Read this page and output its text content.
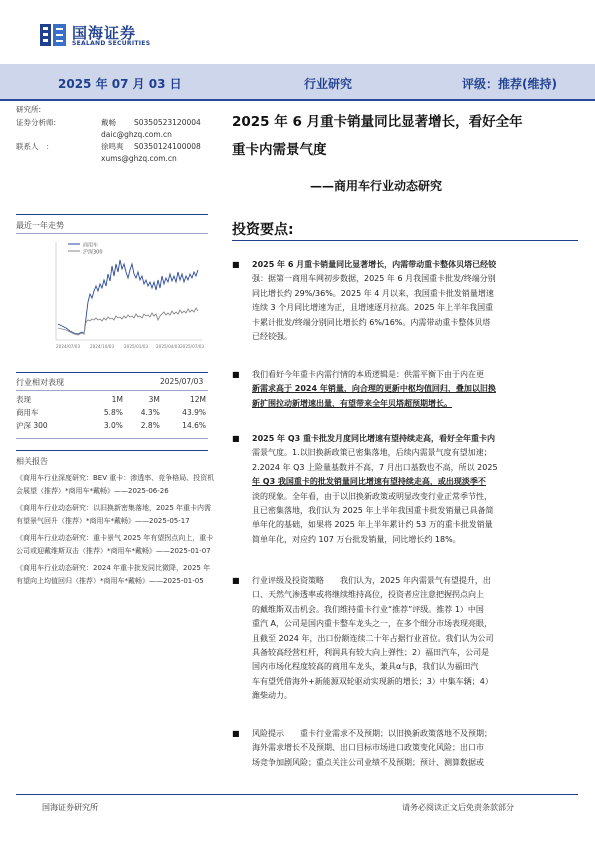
国海证券
SEALAND SECURITIES
2025 年 07 月 03 日	行业研究	评级：推荐(维持)
研究所:
证券分析师:	戴畅 S0350523120004
daic@ghzq.com.cn
联系人　：	徐鸣爽 S0350124100008
xums@ghzq.com.cn
2025 年 6 月重卡销量同比显著增长，看好全年
重卡内需景气度
——商用车行业动态研究
最近一年走势
商用车
沪深300
2024/07/03 2024/10/03 2025/01/03 2025/04/03 2025/07/03
行业相对表现	2025/07/03
表现	1M	3M	12M
商用车	5.8%	4.3%	43.9%
沪深 300	3.0%	2.8%	14.6%
相关报告
《商用车行业深度研究：BEV 重卡：渗透率、竞争格局、投资机会展望（推荐）*商用车*戴畅》——2025-06-26
《商用车行业动态研究：以旧换新密集落地，2025 年重卡内需有望景气回升（推荐）*商用车*戴畅》——2025-05-17
《商用车行业动态研究：重卡景气 2025 年有望拐点向上，重卡公司或迎戴维斯双击（推荐）*商用车*戴畅》——2025-01-07
《商用车行业动态研究：2024 年重卡批发同比微降，2025 年有望向上均值回归（推荐）*商用车*戴畅》——2025-01-05
投资要点:
■ 2025 年 6 月重卡销量同比显著增长，内需带动重卡整体贝塔已经铰
强：据第一商用车网初步数据，2025 年 6 月我国重卡批发/终端分别
同比增长约 29%/36%。2025 年 4 月以来，我国重卡批发销量增速
连续 3 个月同比增速为正，且增速逐月拉高。2025 年上半年我国重
卡累计批发/终端分别同比增长约 6%/16%。内需带动重卡整体贝塔
已经铰强。
■ 我们看好今年重卡内需行情的本质逻辑是：供需平衡下由于内在更
新需求高于 2024 年销量，向合理的更新中枢均值回归，叠加以旧换
新扩围拉动新增速出量，有望带来全年贝塔超预期增长。
■ 2025 年 Q3 重卡批发月度同比增速有望持续走高，看好全年重卡内
需景气度。1.以旧换新政策已密集落地，后续内需景气度有望加速；
2.2024 年 Q3 上险量基数并不高，7 月出口基数也不高，所以 2025
年 Q3 我国重卡的批发销量同比增速有望持续走高，或出现淡季不
淡的现象。全年看，由于以旧换新政策或明显改变行业正常季节性，
且已密集落地，我们认为 2025 年上半年我国重卡批发销量已具备简
单年化的基础，如果将 2025 年上半年累计约 53 万的重卡批发销量
简单年化，对应约 107 万台批发销量，同比增长约 18%。
■ 行业评级及投资策略　　我们认为，2025 年内需景气有望提升，出
口、天然气渗透率或将继续维持高位，投资者应注意把握拐点向上
的戴维斯双击机会。我们维持重卡行业“推荐”评级。推荐 1）中国
重汽 A，公司是国内重卡整车龙头之一，在多个细分市场表现亮眼，
且截至 2024 年，出口份额连续二十年占据行业首位。我们认为公司
具备较高经营杠杆，利润具有较大向上弹性；2）福田汽车，公司是
国内市场化程度较高的商用车龙头，兼具α与β，我们认为福田汽
车有望凭借海外+新能源双轮驱动实现新的增长；3）中集车辆；4）
潍柴动力。
■ 风险提示　　重卡行业需求不及预期；以旧换新政策落地不及预期；
海外需求增长不及预期、出口目标市场进口政策变化风险；出口市
场竞争加剧风险；重点关注公司业绩不及预期；预计、测算数据或
国海证券研究所	请务必阅读正文后免责条款部分
